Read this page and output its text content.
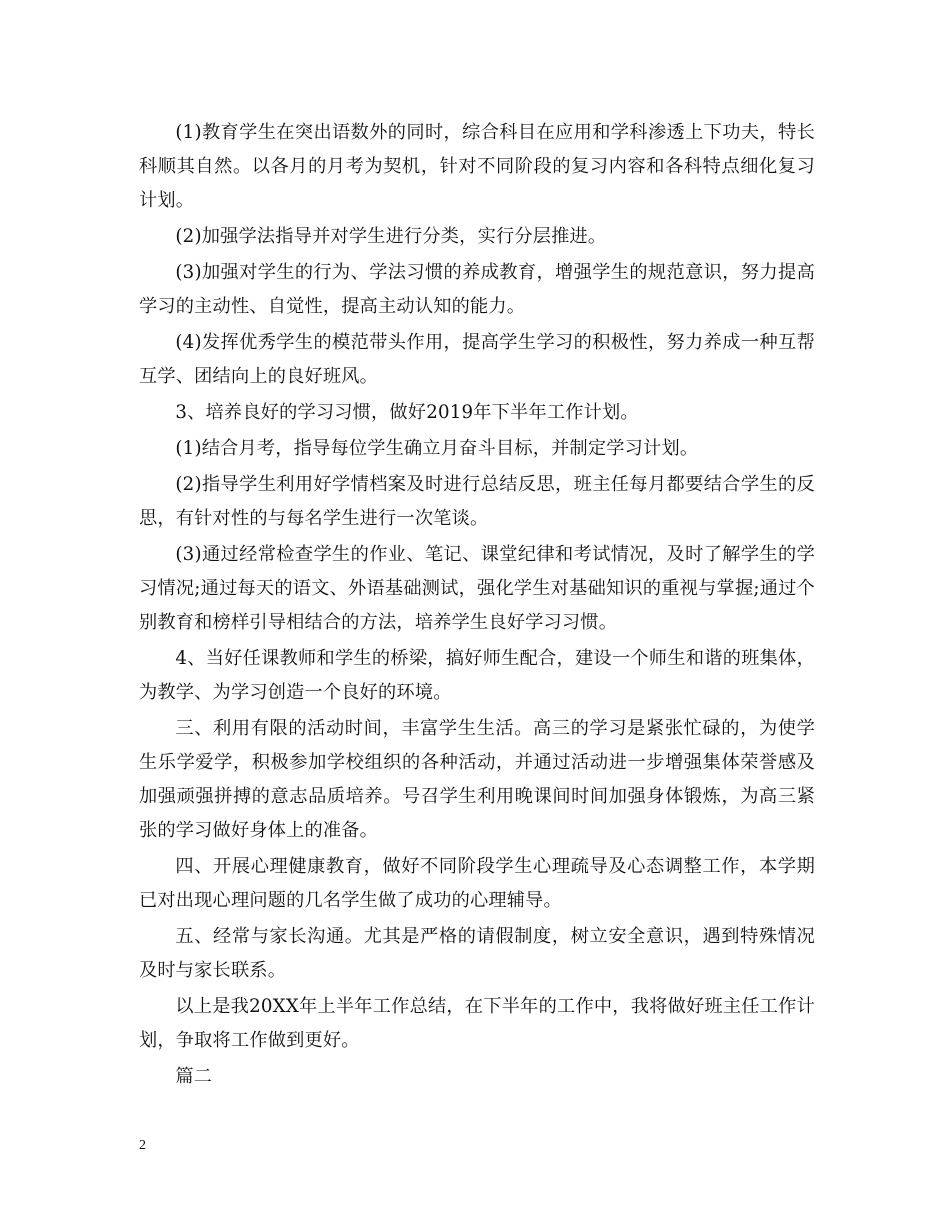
(1)教育学生在突出语数外的同时，综合科目在应用和学科渗透上下功夫，特长科顺其自然。以各月的月考为契机，针对不同阶段的复习内容和各科特点细化复习计划。

(2)加强学法指导并对学生进行分类，实行分层推进。

(3)加强对学生的行为、学法习惯的养成教育，增强学生的规范意识，努力提高学习的主动性、自觉性，提高主动认知的能力。

(4)发挥优秀学生的模范带头作用，提高学生学习的积极性，努力养成一种互帮互学、团结向上的良好班风。

3、培养良好的学习习惯，做好2019年下半年工作计划。

(1)结合月考，指导每位学生确立月奋斗目标，并制定学习计划。

(2)指导学生利用好学情档案及时进行总结反思，班主任每月都要结合学生的反思，有针对性的与每名学生进行一次笔谈。

(3)通过经常检查学生的作业、笔记、课堂纪律和考试情况，及时了解学生的学习情况;通过每天的语文、外语基础测试，强化学生对基础知识的重视与掌握;通过个别教育和榜样引导相结合的方法，培养学生良好学习习惯。

4、当好任课教师和学生的桥梁，搞好师生配合，建设一个师生和谐的班集体，为教学、为学习创造一个良好的环境。

三、利用有限的活动时间，丰富学生生活。高三的学习是紧张忙碌的，为使学生乐学爱学，积极参加学校组织的各种活动，并通过活动进一步增强集体荣誉感及加强顽强拼搏的意志品质培养。号召学生利用晚课间时间加强身体锻炼，为高三紧张的学习做好身体上的准备。

四、开展心理健康教育，做好不同阶段学生心理疏导及心态调整工作，本学期已对出现心理问题的几名学生做了成功的心理辅导。

五、经常与家长沟通。尤其是严格的请假制度，树立安全意识，遇到特殊情况及时与家长联系。

以上是我20XX年上半年工作总结，在下半年的工作中，我将做好班主任工作计划，争取将工作做到更好。

篇二

2
